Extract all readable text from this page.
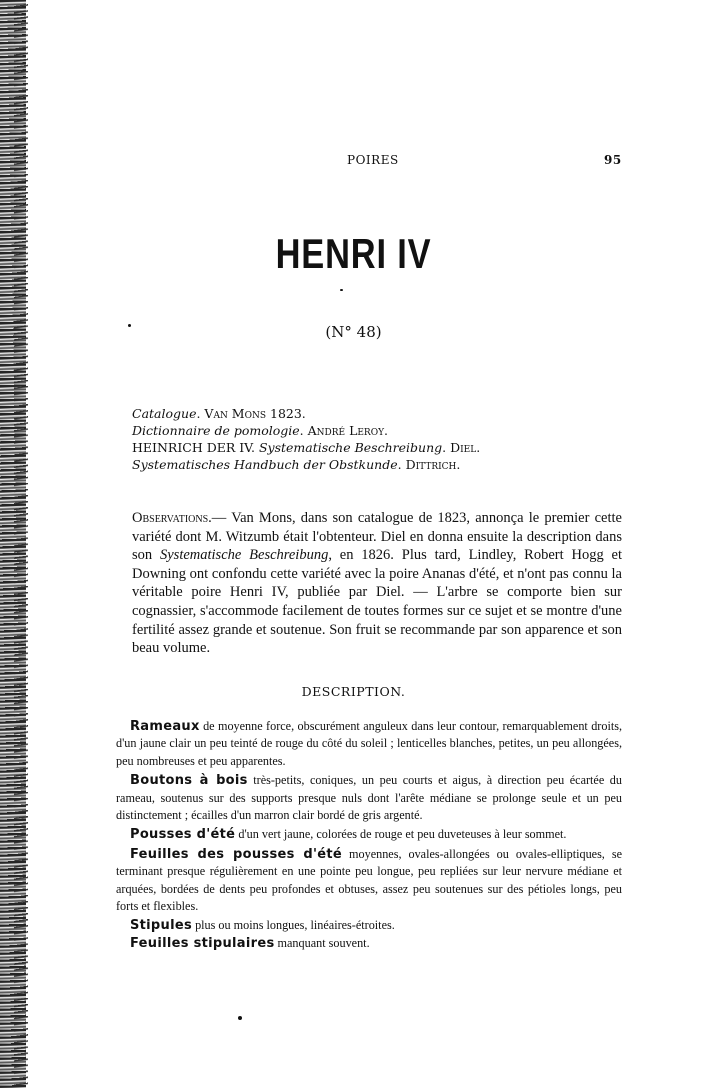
POIRES	95
HENRI IV
(N° 48)

Catalogue. Van Mons 1823.

Dictionnaire de pomologie. André Leroy.

HEINRICH DER IV. Systematische Beschreibung. Diel.

Systematisches Handbuch der Obstkunde. Dittrich.

Observations.— Van Mons, dans son catalogue de 1823, annonça le premier cette variété dont M. Witzumb était l'obtenteur. Diel en donna ensuite la description dans son Systematische Beschreibung, en 1826. Plus tard, Lindley, Robert Hogg et Downing ont confondu cette variété avec la poire Ananas d'été, et n'ont pas connu la véritable poire Henri IV, publiée par Diel. — L'arbre se comporte bien sur cognassier, s'accommode facilement de toutes formes sur ce sujet et se montre d'une fertilité assez grande et soutenue. Son fruit se recommande par son apparence et son beau volume.

DESCRIPTION.

Rameaux de moyenne force, obscurément anguleux dans leur contour, remarquablement droits, d'un jaune clair un peu teinté de rouge du côté du soleil ; lenticelles blanches, petites, un peu allongées, peu nombreuses et peu apparentes.

Boutons à bois très-petits, coniques, un peu courts et aigus, à direction peu écartée du rameau, soutenus sur des supports presque nuls dont l'arête médiane se prolonge seule et un peu distinctement ; écailles d'un marron clair bordé de gris argenté.

Pousses d'été d'un vert jaune, colorées de rouge et peu duveteuses à leur sommet.

Feuilles des pousses d'été moyennes, ovales-allongées ou ovales-elliptiques, se terminant presque régulièrement en une pointe peu longue, peu repliées sur leur nervure médiane et arquées, bordées de dents peu profondes et obtuses, assez peu soutenues sur des pétioles longs, peu forts et flexibles.

Stipules plus ou moins longues, linéaires-étroites.

Feuilles stipulaires manquant souvent.
